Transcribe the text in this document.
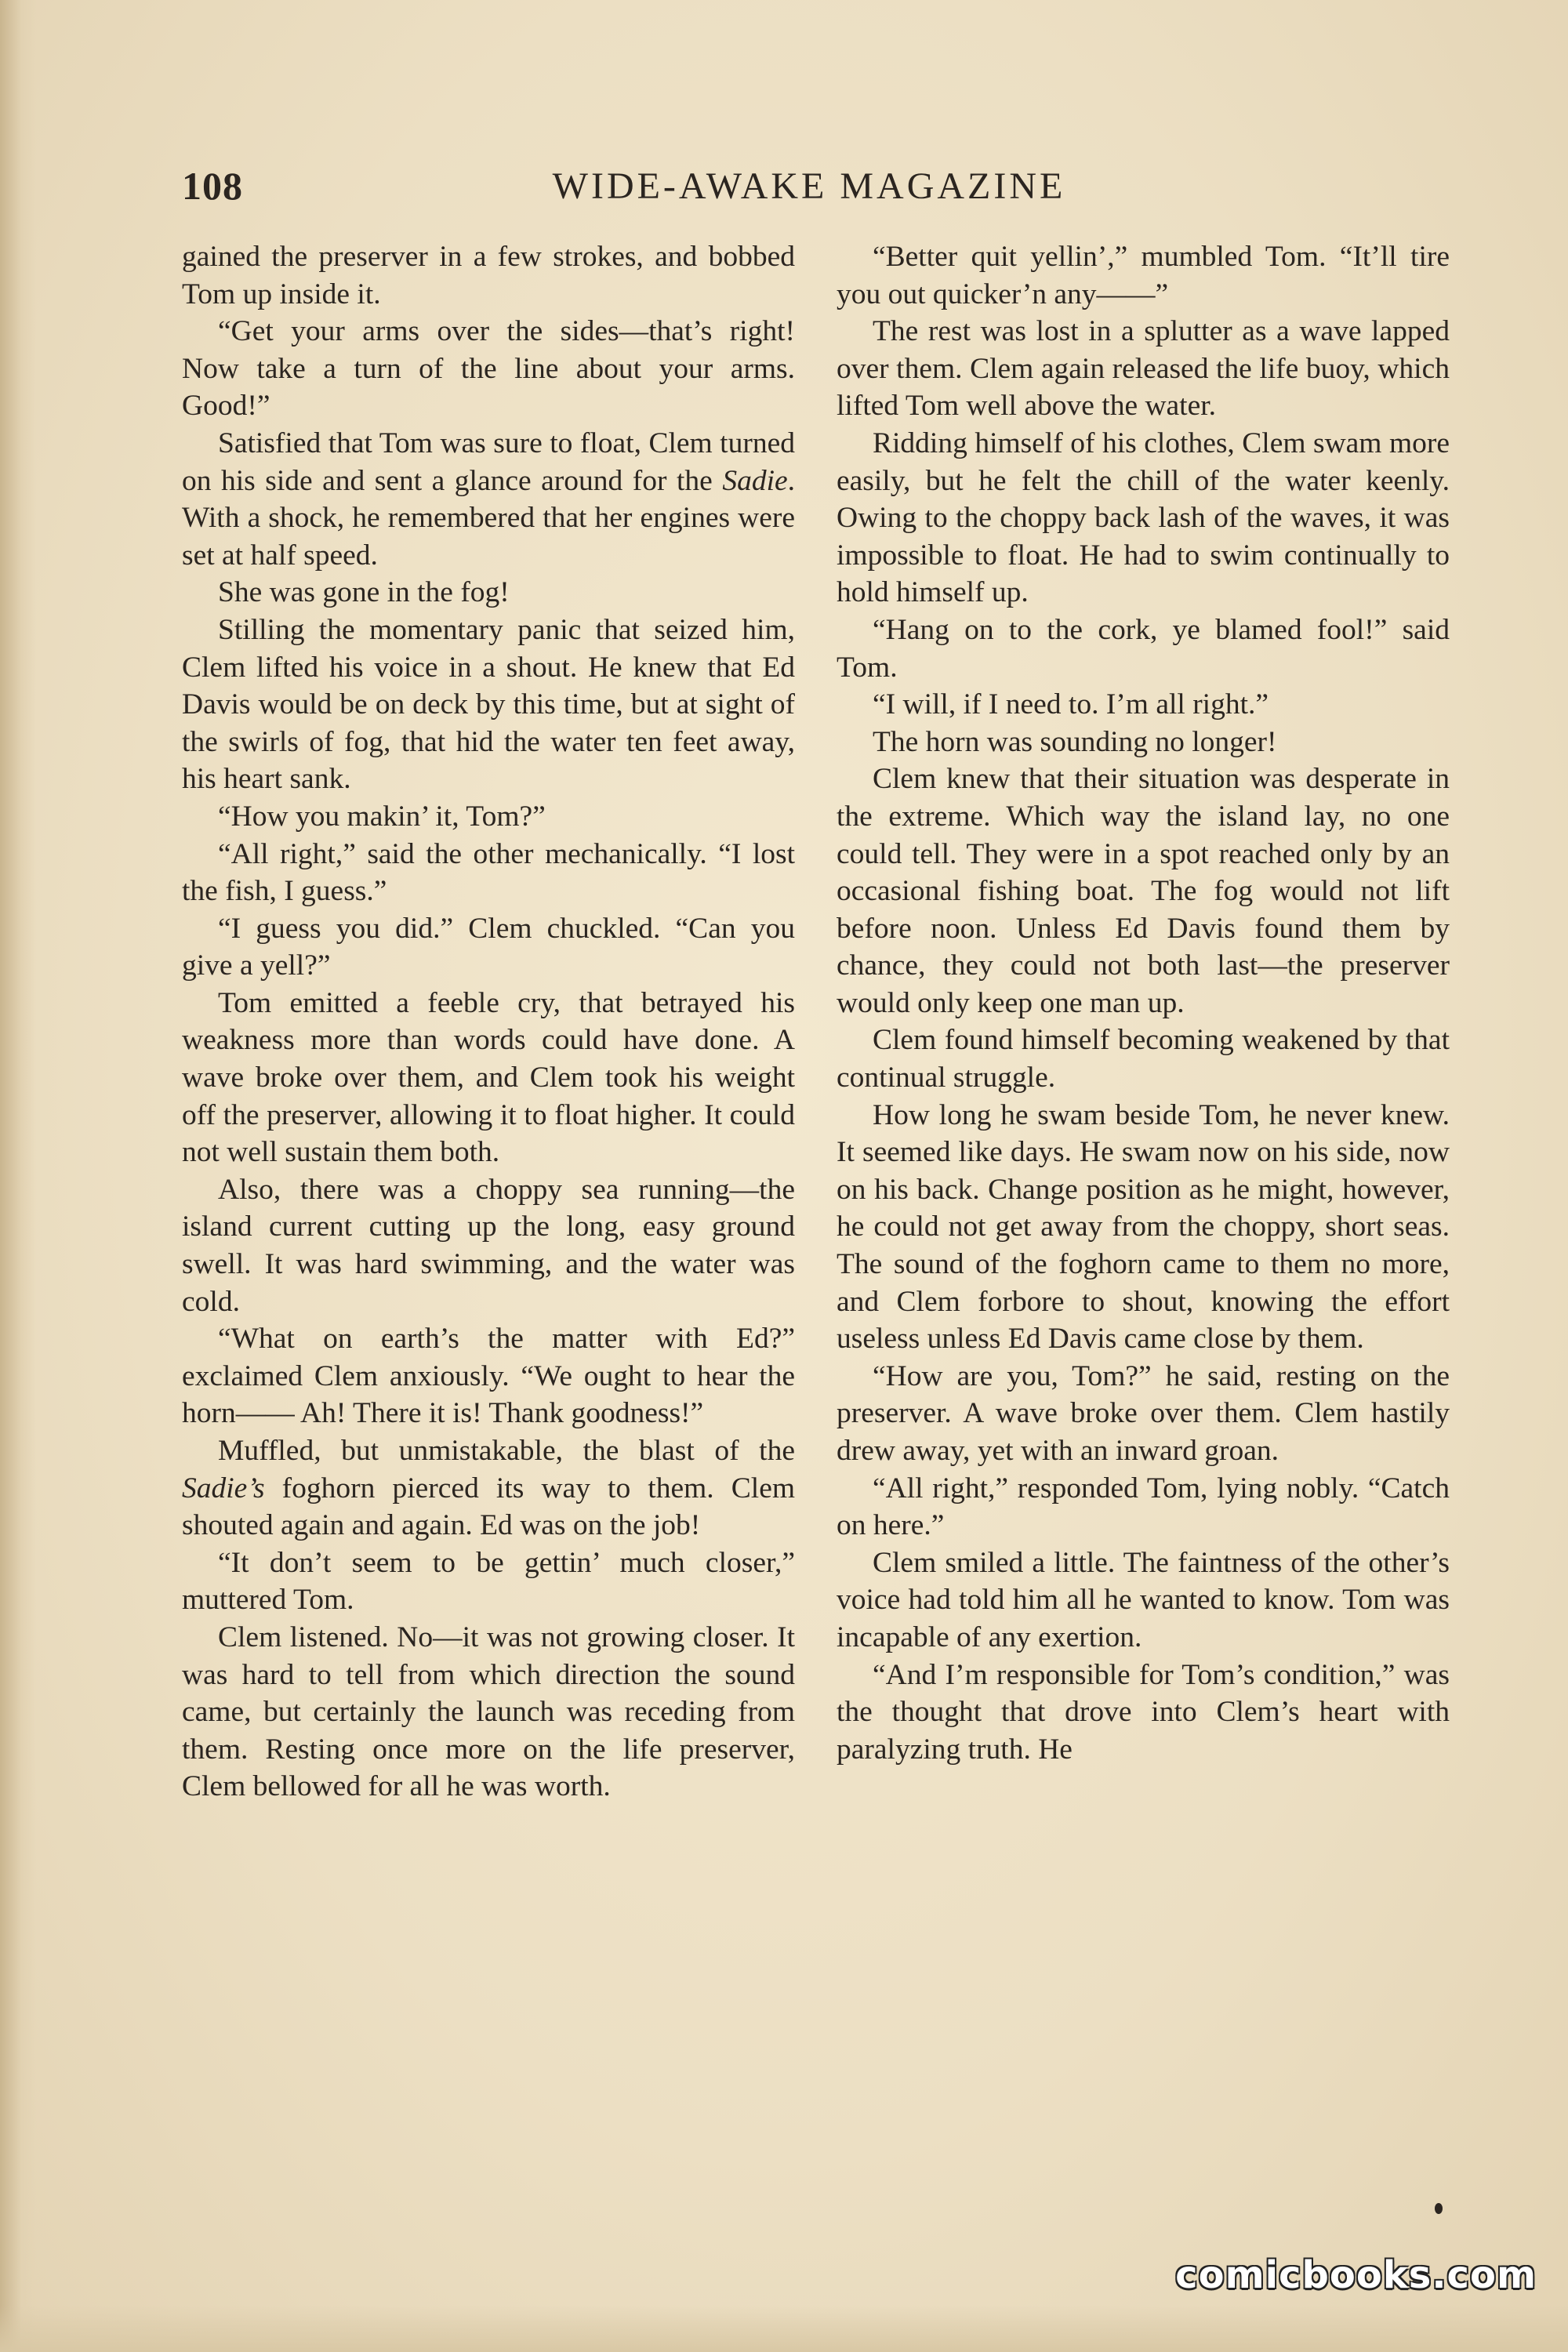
108	WIDE-AWAKE MAGAZINE

gained the preserver in a few strokes, and bobbed Tom up inside it.

“Get your arms over the sides—that’s right! Now take a turn of the line about your arms. Good!”

Satisfied that Tom was sure to float, Clem turned on his side and sent a glance around for the Sadie. With a shock, he remembered that her engines were set at half speed.

She was gone in the fog!

Stilling the momentary panic that seized him, Clem lifted his voice in a shout. He knew that Ed Davis would be on deck by this time, but at sight of the swirls of fog, that hid the water ten feet away, his heart sank.

“How you makin’ it, Tom?”

“All right,” said the other mechanically. “I lost the fish, I guess.”

“I guess you did.” Clem chuckled. “Can you give a yell?”

Tom emitted a feeble cry, that betrayed his weakness more than words could have done. A wave broke over them, and Clem took his weight off the preserver, allowing it to float higher. It could not well sustain them both.

Also, there was a choppy sea running—the island current cutting up the long, easy ground swell. It was hard swimming, and the water was cold.

“What on earth’s the matter with Ed?” exclaimed Clem anxiously. “We ought to hear the horn—— Ah! There it is! Thank goodness!”

Muffled, but unmistakable, the blast of the Sadie’s foghorn pierced its way to them. Clem shouted again and again. Ed was on the job!

“It don’t seem to be gettin’ much closer,” muttered Tom.

Clem listened. No—it was not growing closer. It was hard to tell from which direction the sound came, but certainly the launch was receding from them. Resting once more on the life preserver, Clem bellowed for all he was worth.

“Better quit yellin’,” mumbled Tom. “It’ll tire you out quicker’n any——”

The rest was lost in a splutter as a wave lapped over them. Clem again released the life buoy, which lifted Tom well above the water.

Ridding himself of his clothes, Clem swam more easily, but he felt the chill of the water keenly. Owing to the choppy back lash of the waves, it was impossible to float. He had to swim continually to hold himself up.

“Hang on to the cork, ye blamed fool!” said Tom.

“I will, if I need to. I’m all right.”

The horn was sounding no longer!

Clem knew that their situation was desperate in the extreme. Which way the island lay, no one could tell. They were in a spot reached only by an occasional fishing boat. The fog would not lift before noon. Unless Ed Davis found them by chance, they could not both last—the preserver would only keep one man up.

Clem found himself becoming weakened by that continual struggle.

How long he swam beside Tom, he never knew. It seemed like days. He swam now on his side, now on his back. Change position as he might, however, he could not get away from the choppy, short seas. The sound of the foghorn came to them no more, and Clem forbore to shout, knowing the effort useless unless Ed Davis came close by them.

“How are you, Tom?” he said, resting on the preserver. A wave broke over them. Clem hastily drew away, yet with an inward groan.

“All right,” responded Tom, lying nobly. “Catch on here.”

Clem smiled a little. The faintness of the other’s voice had told him all he wanted to know. Tom was incapable of any exertion.

“And I’m responsible for Tom’s condition,” was the thought that drove into Clem’s heart with paralyzing truth. He

comicbooks.com
